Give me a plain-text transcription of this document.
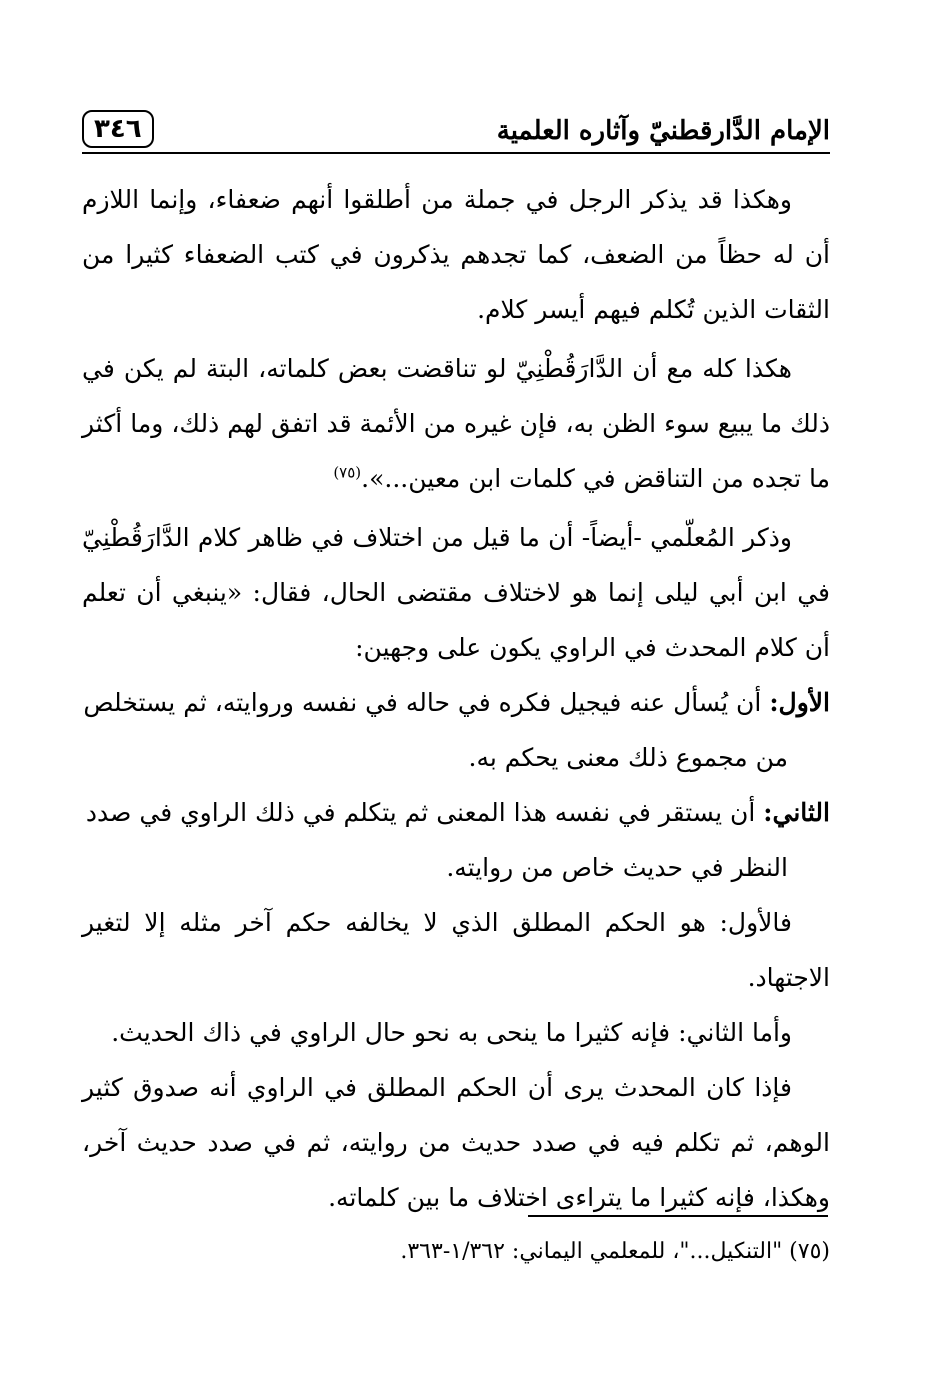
الإمام الدَّارقطنيّ وآثاره العلمية
٣٤٦

وهكذا قد يذكر الرجل في جملة من أطلقوا أنهم ضعفاء، وإنما اللازم أن له حظاً من الضعف، كما تجدهم يذكرون في كتب الضعفاء كثيرا من الثقات الذين تُكلم فيهم أيسر كلام.

هكذا كله مع أن الدَّارَقُطْنِيّ لو تناقضت بعض كلماته، البتة لم يكن في ذلك ما يبيع سوء الظن به، فإن غيره من الأئمة قد اتفق لهم ذلك، وما أكثر ما تجده من التناقض في كلمات ابن معين...».$^{(٧٥)}$

وذكر المُعلّمي -أيضاً- أن ما قيل من اختلاف في ظاهر كلام الدَّارَقُطْنِيّ في ابن أبي ليلى إنما هو لاختلاف مقتضى الحال، فقال: «ينبغي أن تعلم أن كلام المحدث في الراوي يكون على وجهين:

الأول: أن يُسأل عنه فيجيل فكره في حاله في نفسه وروايته، ثم يستخلص

من مجموع ذلك معنى يحكم به.

الثاني: أن يستقر في نفسه هذا المعنى ثم يتكلم في ذلك الراوي في صدد

النظر في حديث خاص من روايته.

فالأول: هو الحكم المطلق الذي لا يخالفه حكم آخر مثله إلا لتغير الاجتهاد.

وأما الثاني: فإنه كثيرا ما ينحى به نحو حال الراوي في ذاك الحديث.

فإذا كان المحدث يرى أن الحكم المطلق في الراوي أنه صدوق كثير الوهم، ثم تكلم فيه في صدد حديث من روايته، ثم في صدد حديث آخر، وهكذا، فإنه كثيرا ما يتراءى اختلاف ما بين كلماته.

(٧٥) "التنكيل..."، للمعلمي اليماني: ١/٣٦٢-٣٦٣.
